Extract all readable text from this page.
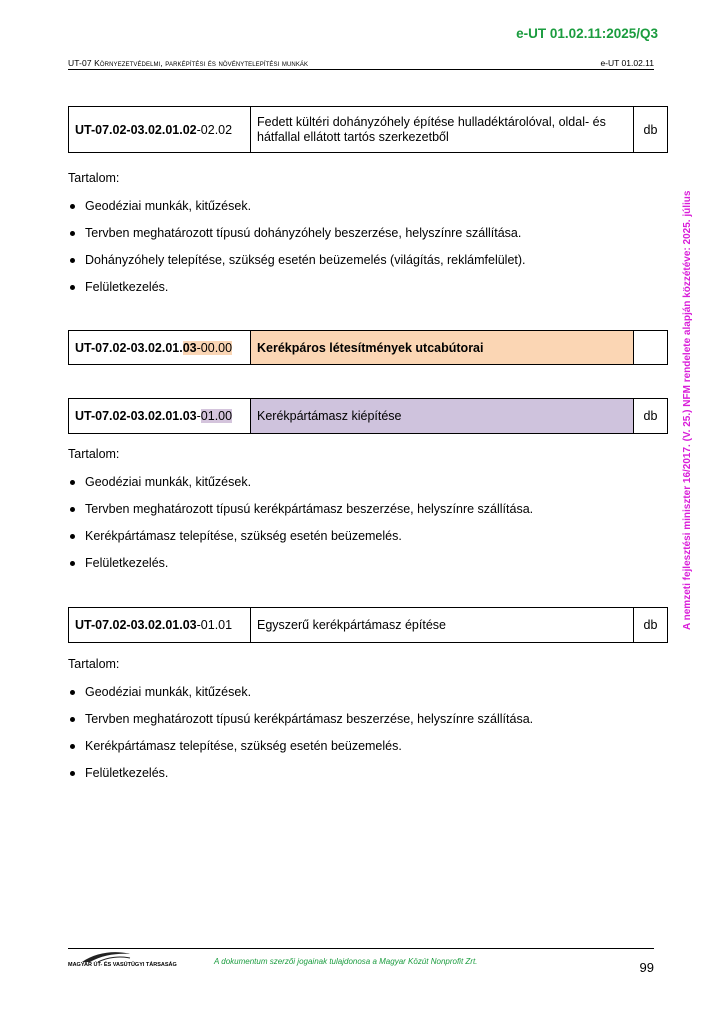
e-UT 01.02.11:2025/Q3
UT-07 Környezetvédelmi, parképítési és növénytelepítési munkák	e-UT 01.02.11
A nemzeti fejlesztési miniszter 16/2017. (V. 25.) NFM rendelete alapján közzétéve: 2025. július
UT-07.02-03.02.01.02-02.02	Fedett kültéri dohányzóhely építése hulladéktárolóval, oldal- és hátfallal ellátott tartós szerkezetből	db
Tartalom:
Geodéziai munkák, kitűzések.
Tervben meghatározott típusú dohányzóhely beszerzése, helyszínre szállítása.
Dohányzóhely telepítése, szükség esetén beüzemelés (világítás, reklámfelület).
Felületkezelés.
UT-07.02-03.02.01.03-00.00	Kerékpáros létesítmények utcabútorai	
UT-07.02-03.02.01.03-01.00	Kerékpártámasz kiépítése	db
Tartalom:
Geodéziai munkák, kitűzések.
Tervben meghatározott típusú kerékpártámasz beszerzése, helyszínre szállítása.
Kerékpártámasz telepítése, szükség esetén beüzemelés.
Felületkezelés.
UT-07.02-03.02.01.03-01.01	Egyszerű kerékpártámasz építése	db
Tartalom:
Geodéziai munkák, kitűzések.
Tervben meghatározott típusú kerékpártámasz beszerzése, helyszínre szállítása.
Kerékpártámasz telepítése, szükség esetén beüzemelés.
Felületkezelés.
MAGYAR ÚT- ÉS VASÚTÜGYI TÁRSASÁG	A dokumentum szerzői jogainak tulajdonosa a Magyar Közút Nonprofit Zrt.	99
